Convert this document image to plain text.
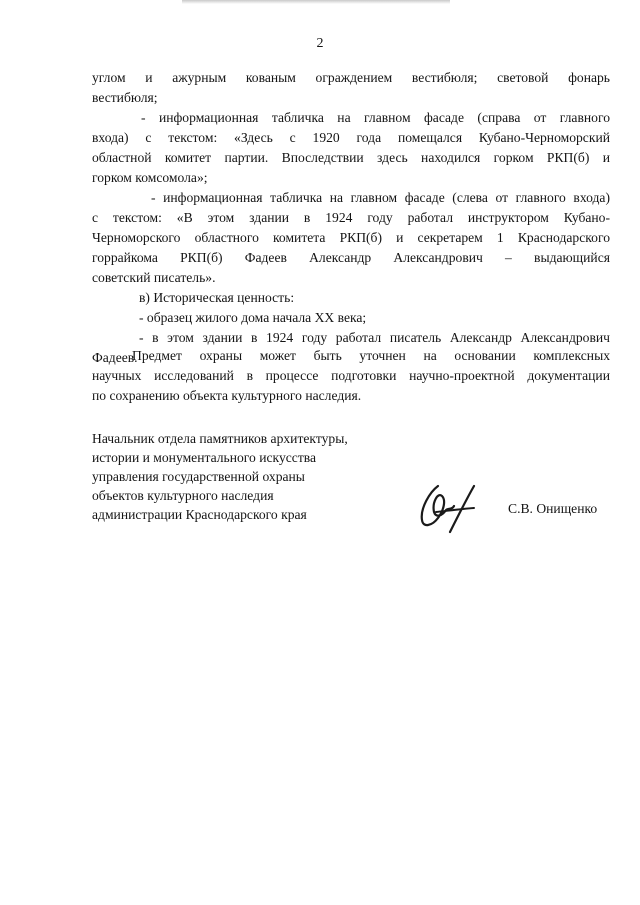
2
углом и ажурным кованым ограждением вестибюля; световой фонарь
вестибюля;
- информационная табличка на главном фасаде (справа от главного
входа) с текстом: «Здесь с 1920 года помещался Кубано-Черноморский
областной комитет партии. Впоследствии здесь находился горком РКП(б) и
горком комсомола»;
- информационная табличка на главном фасаде (слева от главного входа)
с текстом: «В этом здании в 1924 году работал инструктором Кубано-
Черноморского областного комитета РКП(б) и секретарем 1 Краснодарского
горрайкома РКП(б) Фадеев Александр Александрович – выдающийся
советский писатель».
в) Историческая ценность:
- образец жилого дома начала XX века;
- в этом здании в 1924 году работал писатель Александр Александрович
Фадеев.
Предмет охраны может быть уточнен на основании комплексных
научных исследований в процессе подготовки научно-проектной документации
по сохранению объекта культурного наследия.
Начальник отдела памятников архитектуры,
истории и монументального искусства
управления государственной охраны
объектов культурного наследия
администрации Краснодарского края	С.В. Онищенко
